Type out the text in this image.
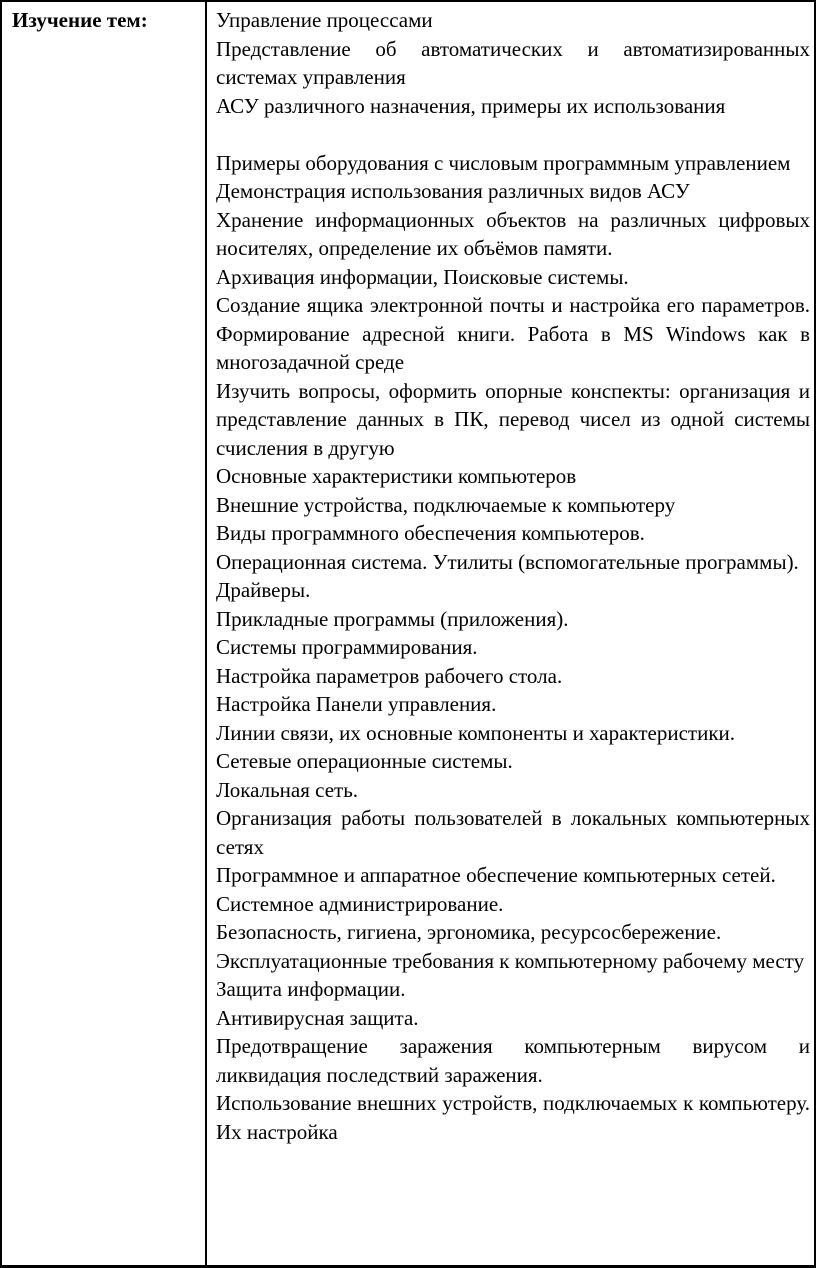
Изучение тем:	Управление процессами

Представление об автоматических и автоматизированных системах управления

АСУ различного назначения, примеры их использования

Примеры оборудования с числовым программным управлением

Демонстрация использования различных видов АСУ

Хранение информационных объектов на различных цифровых носителях, определение их объёмов памяти.

Архивация информации, Поисковые системы.

Создание ящика электронной почты и настройка его параметров. Формирование адресной книги. Работа в MS Windows как в многозадачной среде

Изучить вопросы, оформить опорные конспекты: организация и представление данных в ПК, перевод чисел из одной системы счисления в другую

Основные характеристики компьютеров

Внешние устройства, подключаемые к компьютеру

Виды программного обеспечения компьютеров.

Операционная система. Утилиты (вспомогательные программы).

Драйверы.

Прикладные программы (приложения).

Системы программирования.

Настройка параметров рабочего стола.

Настройка Панели управления.

Линии связи, их основные компоненты и характеристики.

Сетевые операционные системы.

Локальная сеть.

Организация работы пользователей в локальных компьютерных сетях

Программное и аппаратное обеспечение компьютерных сетей.

Системное администрирование.

Безопасность, гигиена, эргономика, ресурсосбережение.

Эксплуатационные требования к компьютерному рабочему месту

Защита информации.

Антивирусная защита.

Предотвращение заражения компьютерным вирусом и ликвидация последствий заражения.

Использование внешних устройств, подключаемых к компьютеру. Их настройка
